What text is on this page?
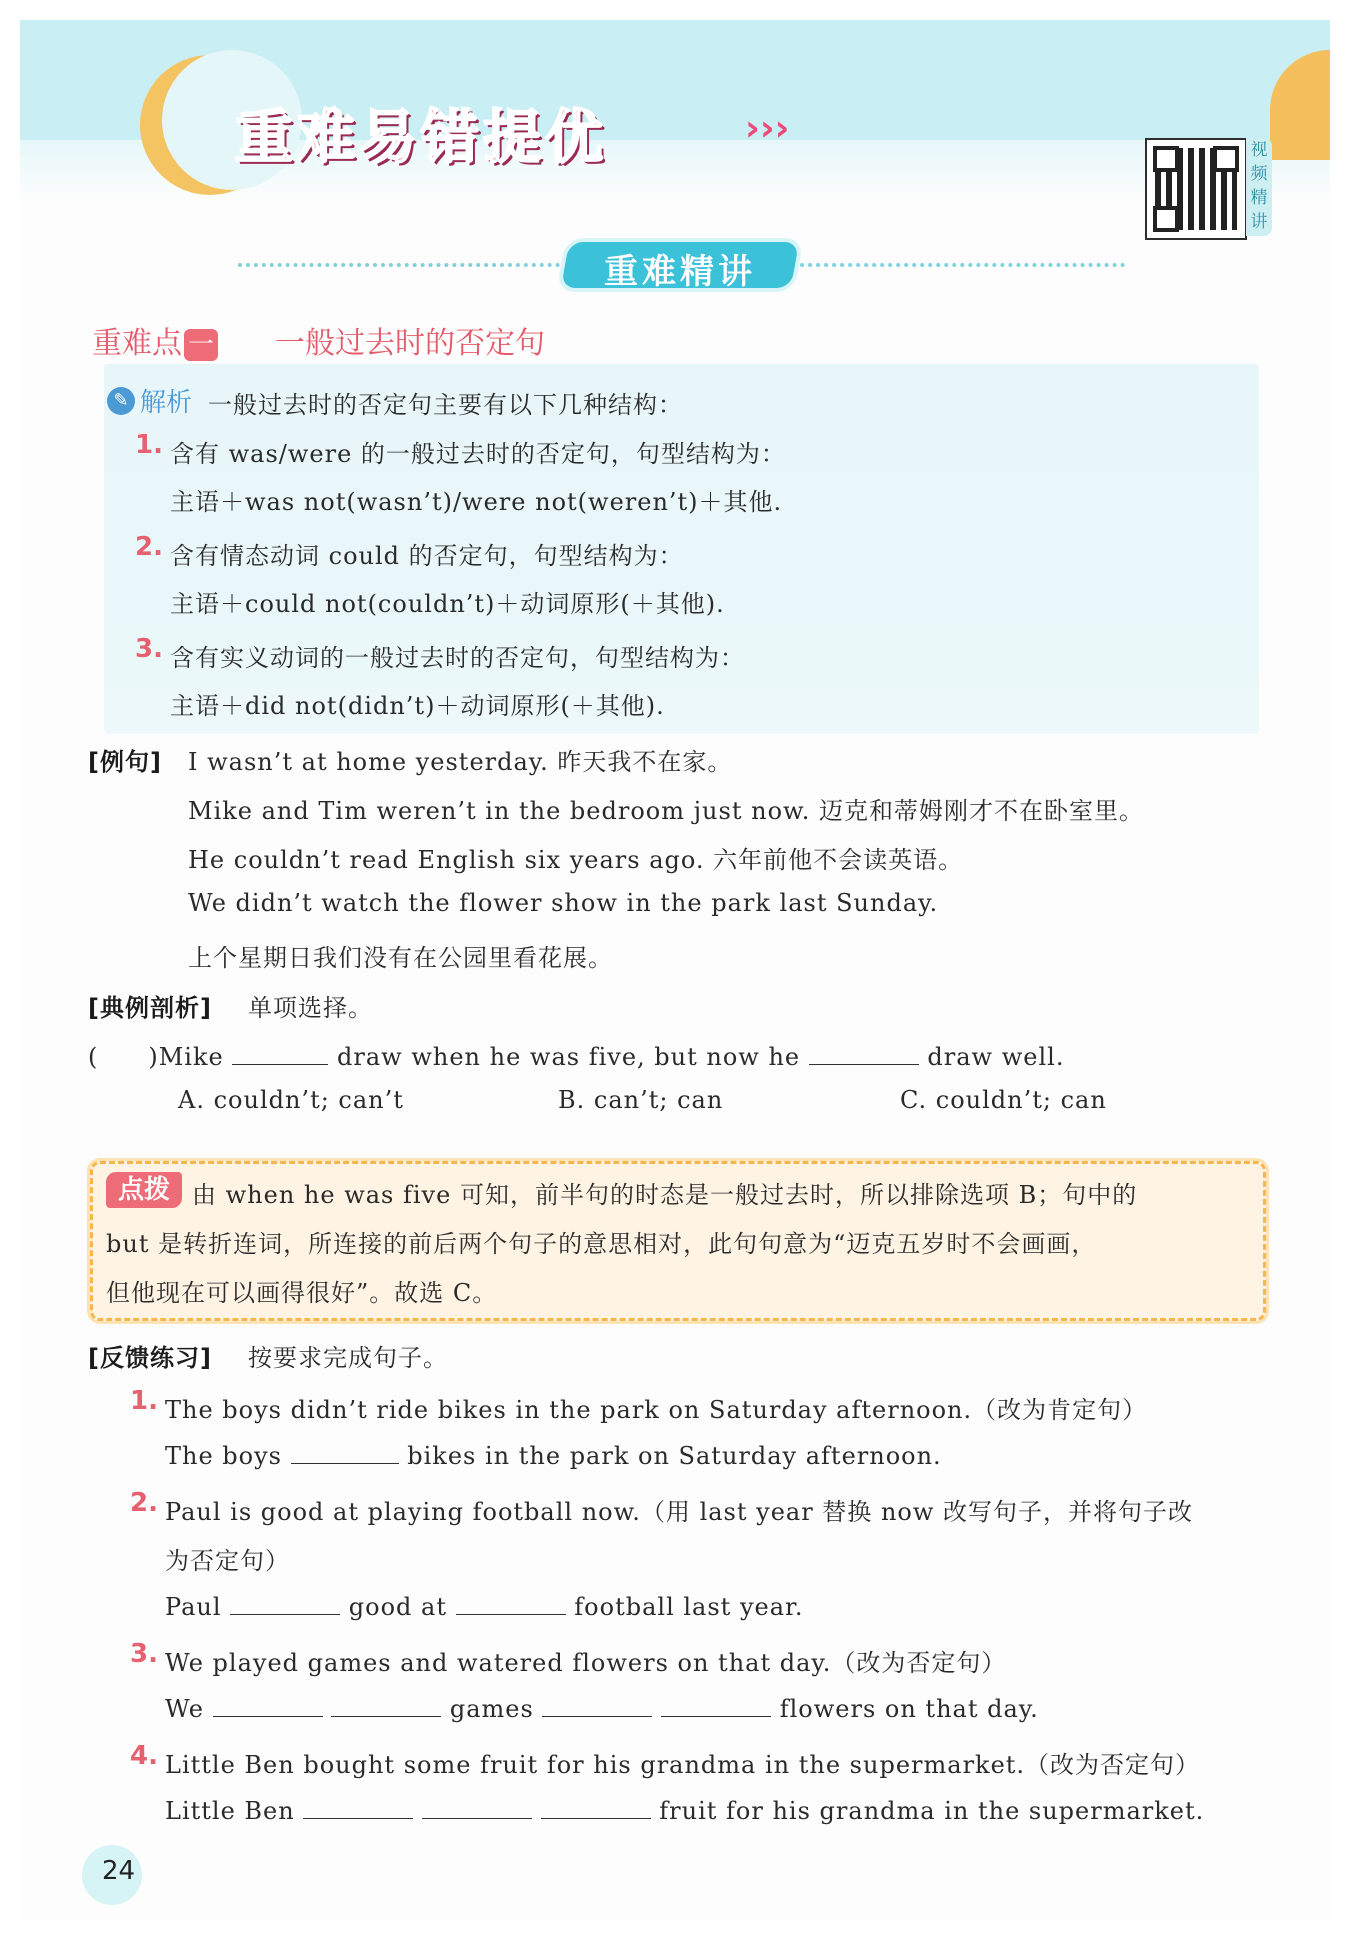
重难易错提优	›››
视频精讲
重难精讲
重难点 一 一般过去时的否定句
✎ 解析 一般过去时的否定句主要有以下几种结构：
1. 含有 was/were 的一般过去时的否定句，句型结构为：
主语＋was not(wasn’t)/were not(weren’t)＋其他.
2. 含有情态动词 could 的否定句，句型结构为：
主语＋could not(couldn’t)＋动词原形(＋其他).
3. 含有实义动词的一般过去时的否定句，句型结构为：
主语＋did not(didn’t)＋动词原形(＋其他).
[例句] I wasn’t at home yesterday. 昨天我不在家。
Mike and Tim weren’t in the bedroom just now. 迈克和蒂姆刚才不在卧室里。
He couldn’t read English six years ago. 六年前他不会读英语。
We didn’t watch the flower show in the park last Sunday.
上个星期日我们没有在公园里看花展。
[典例剖析] 单项选择。
(　　)Mike	draw when he was five, but now he	draw well.
A. couldn’t; can’t	B. can’t; can	C. couldn’t; can
点拨 由 when he was five 可知，前半句的时态是一般过去时，所以排除选项 B；句中的
but 是转折连词，所连接的前后两个句子的意思相对，此句句意为“迈克五岁时不会画画，
但他现在可以画得很好”。故选 C。
[反馈练习] 按要求完成句子。
1. The boys didn’t ride bikes in the park on Saturday afternoon.（改为肯定句）
The boys	bikes in the park on Saturday afternoon.
2. Paul is good at playing football now.（用 last year 替换 now 改写句子，并将句子改
为否定句）
Paul	good at	football last year.
3. We played games and watered flowers on that day.（改为否定句）
We	games	flowers on that day.
4. Little Ben bought some fruit for his grandma in the supermarket.（改为否定句）
Little Ben	fruit for his grandma in the supermarket.
24
